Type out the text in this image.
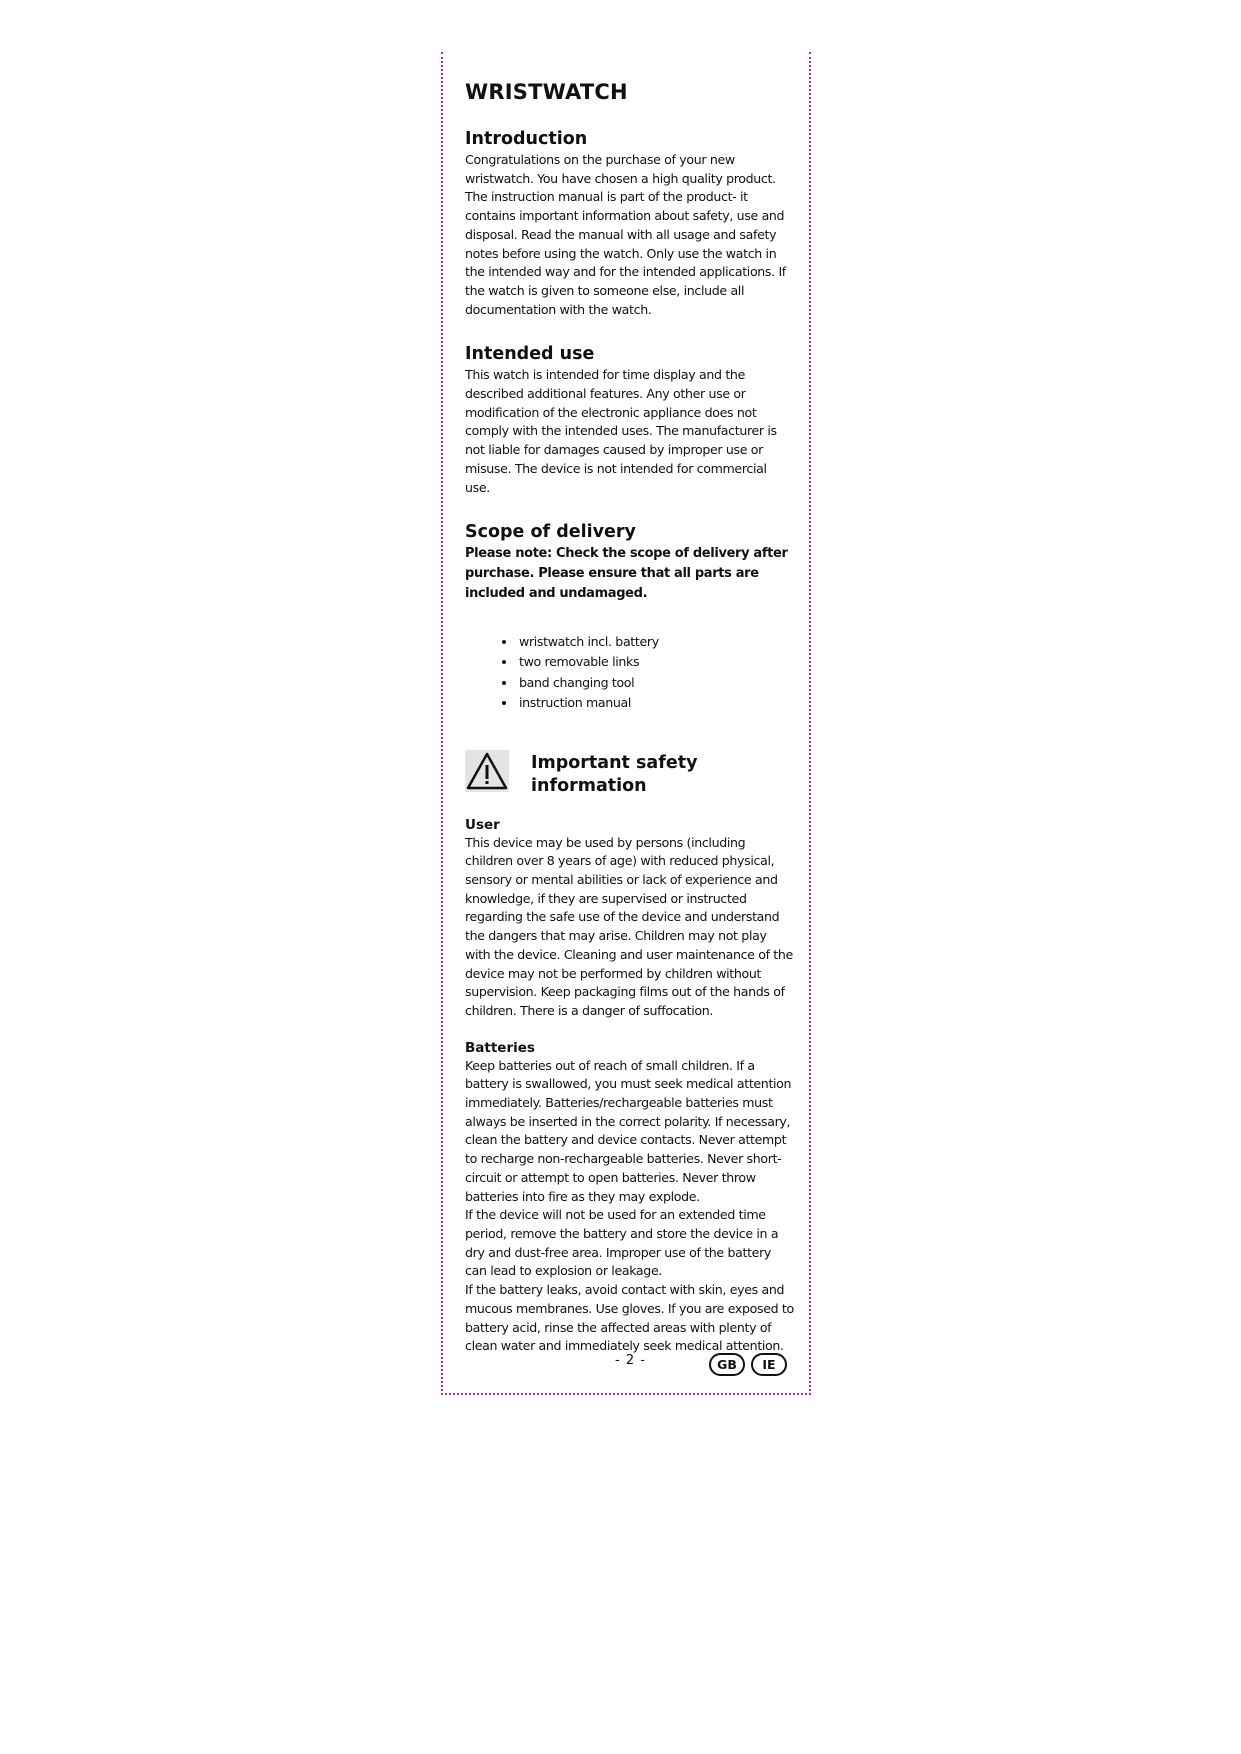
WRISTWATCH
Introduction

Congratulations on the purchase of your new wristwatch. You have chosen a high quality product. The instruction manual is part of the product- it contains important information about safety, use and disposal. Read the manual with all usage and safety notes before using the watch. Only use the watch in the intended way and for the intended applications. If the watch is given to someone else, include all documentation with the watch.

Intended use

This watch is intended for time display and the described additional features. Any other use or modification of the electronic appliance does not comply with the intended uses. The manufacturer is not liable for damages caused by improper use or misuse. The device is not intended for commercial use.

Scope of delivery

Please note: Check the scope of delivery after purchase. Please ensure that all parts are included and undamaged.

• wristwatch incl. battery
• two removable links
• band changing tool
• instruction manual
Important safety
information
User

This device may be used by persons (including children over 8 years of age) with reduced physical, sensory or mental abilities or lack of experience and knowledge, if they are supervised or instructed regarding the safe use of the device and understand the dangers that may arise. Children may not play with the device. Cleaning and user maintenance of the device may not be performed by children without supervision. Keep packaging films out of the hands of children. There is a danger of suffocation.

Batteries

Keep batteries out of reach of small children. If a battery is swallowed, you must seek medical attention immediately. Batteries/rechargeable batteries must always be inserted in the correct polarity. If necessary, clean the battery and device contacts. Never attempt to recharge non-rechargeable batteries. Never short-circuit or attempt to open batteries. Never throw batteries into fire as they may explode.

If the device will not be used for an extended time period, remove the battery and store the device in a dry and dust-free area. Improper use of the battery can lead to explosion or leakage.

If the battery leaks, avoid contact with skin, eyes and mucous membranes. Use gloves. If you are exposed to battery acid, rinse the affected areas with plenty of clean water and immediately seek medical attention.

- 2 -	GB	IE
